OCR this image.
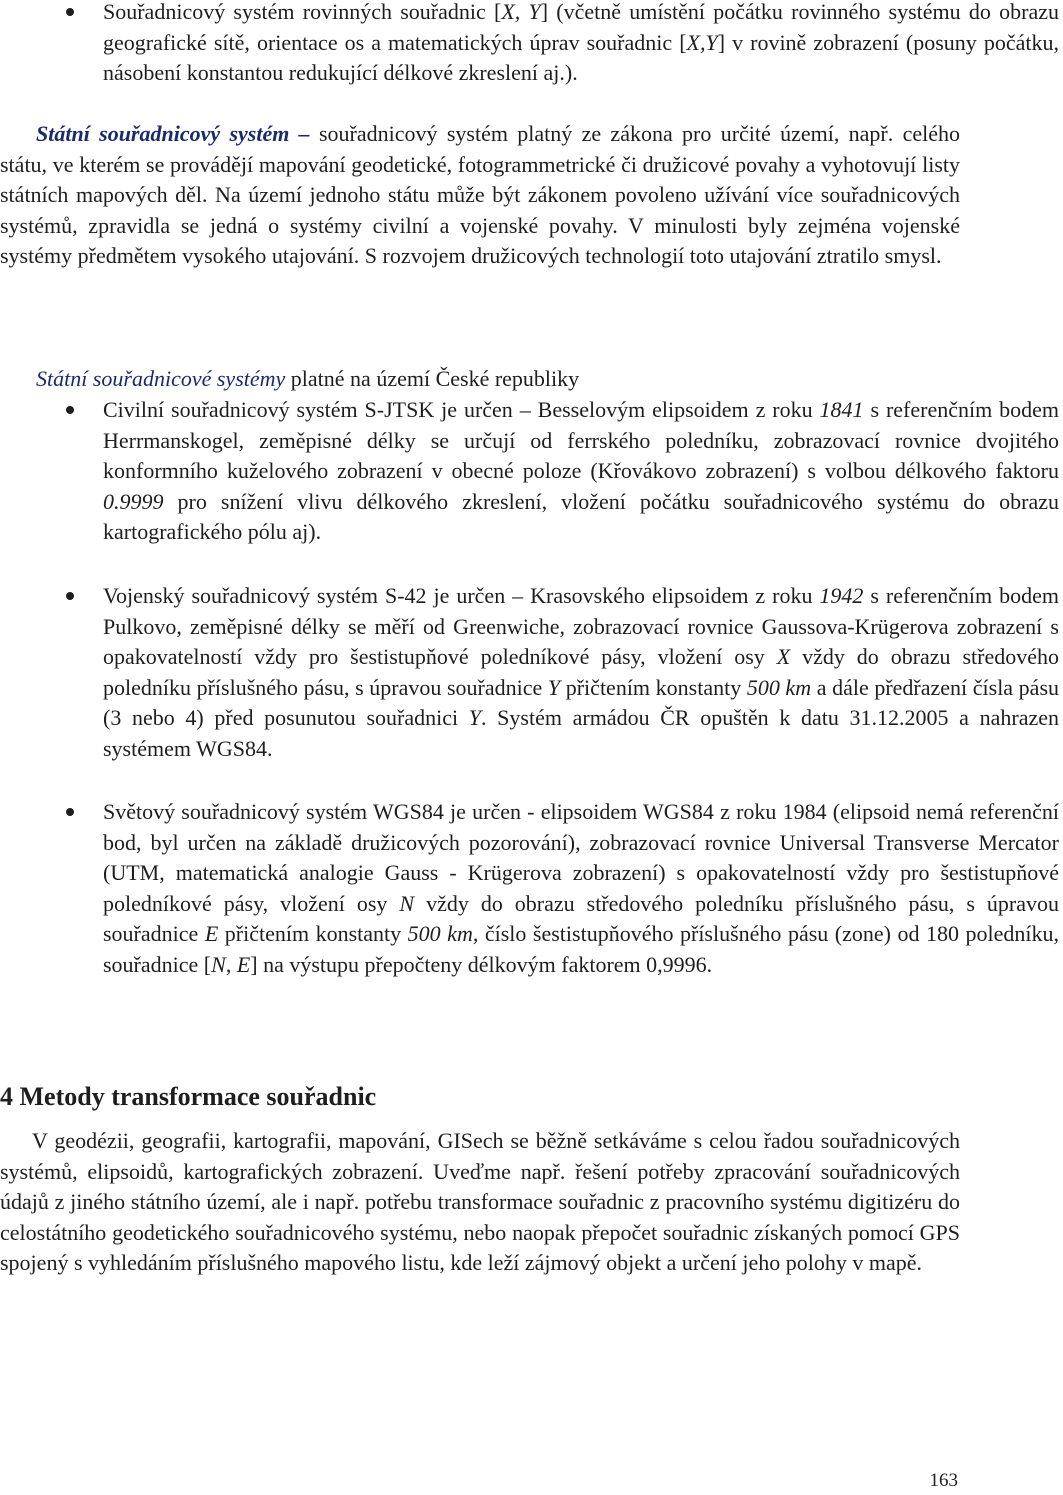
Souřadnicový systém rovinných souřadnic [X, Y] (včetně umístění počátku rovinného systému do obrazu geografické sítě, orientace os a matematických úprav souřadnic [X,Y] v rovině zobrazení (posuny počátku, násobení konstantou redukující délkové zkreslení aj.).
Státní souřadnicový systém – souřadnicový systém platný ze zákona pro určité území, např. celého státu, ve kterém se provádějí mapování geodetické, fotogrammetrické či družicové povahy a vyhotovují listy státních mapových děl. Na území jednoho státu může být zákonem povoleno užívání více souřadnicových systémů, zpravidla se jedná o systémy civilní a vojenské povahy. V minulosti byly zejména vojenské systémy předmětem vysokého utajování. S rozvojem družicových technologií toto utajování ztratilo smysl.
Státní souřadnicové systémy platné na území České republiky
Civilní souřadnicový systém S-JTSK je určen – Besselovým elipsoidem z roku 1841 s referenčním bodem Herrmanskogel, zeměpisné délky se určují od ferrského poledníku, zobrazovací rovnice dvojitého konformního kuželového zobrazení v obecné poloze (Křovákovo zobrazení) s volbou délkového faktoru 0.9999 pro snížení vlivu délkového zkreslení, vložení počátku souřadnicového systému do obrazu kartografického pólu aj).
Vojenský souřadnicový systém S-42 je určen – Krasovského elipsoidem z roku 1942 s referenčním bodem Pulkovo, zeměpisné délky se měří od Greenwiche, zobrazovací rovnice Gaussova-Krügerova zobrazení s opakovatelností vždy pro šestistupňové poledníkové pásy, vložení osy X vždy do obrazu středového poledníku příslušného pásu, s úpravou souřadnice Y přičtením konstanty 500 km a dále předřazení čísla pásu (3 nebo 4) před posunutou souřadnici Y. Systém armádou ČR opuštěn k datu 31.12.2005 a nahrazen systémem WGS84.
Světový souřadnicový systém WGS84 je určen - elipsoidem WGS84 z roku 1984 (elipsoid nemá referenční bod, byl určen na základě družicových pozorování), zobrazovací rovnice Universal Transverse Mercator (UTM, matematická analogie Gauss - Krügerova zobrazení) s opakovatelností vždy pro šestistupňové poledníkové pásy, vložení osy N vždy do obrazu středového poledníku příslušného pásu, s úpravou souřadnice E přičtením konstanty 500 km, číslo šestistupňového příslušného pásu (zone) od 180 poledníku, souřadnice [N, E] na výstupu přepočteny délkovým faktorem 0,9996.
4 Metody transformace souřadnic
V geodézii, geografii, kartografii, mapování, GISech se běžně setkáváme s celou řadou souřadnicových systémů, elipsoidů, kartografických zobrazení. Uveďme např. řešení potřeby zpracování souřadnicových údajů z jiného státního území, ale i např. potřebu transformace souřadnic z pracovního systému digitizéru do celostátního geodetického souřadnicového systému, nebo naopak přepočet souřadnic získaných pomocí GPS spojený s vyhledáním příslušného mapového listu, kde leží zájmový objekt a určení jeho polohy v mapě.
163
